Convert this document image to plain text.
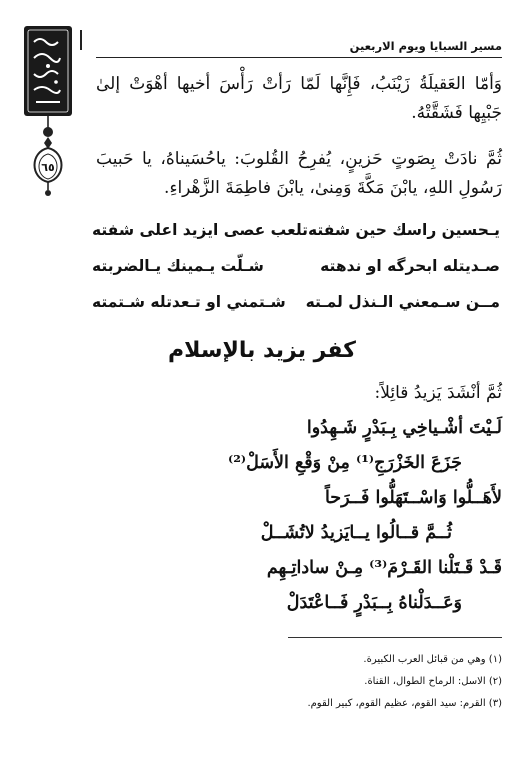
٦٥
مسير السبايا ويوم الاربعين
وَأمّا العَقيلَةُ زَيْنَبُ، فَإِنَّها لَمّا رَأتْ رَأْسَ أخيها أهْوَتْ إلىٰ جَبْيِها فَشَقَّتْهُ.
ثُمَّ نادَتْ بِصَوتٍ حَزينٍ، يُفرِحُ القُلوبَ: ياحُسَيناهُ، يا حَبيبَ رَسُولِ اللهِ، يابْنَ مَكَّةَ وَمِنىٰ، يابْنَ فاطِمَةَ الزَّهْراءِ.
يـحسين راسك حين شفته
تلعب عصى ايزيد اعلى شفته
صـديتله ابحرگه او ندهته
شـلّت يـمينك يـالضربته
مــن سـمعني الـنذل لمـته
شـتمني او تـعدتله شـتمته
كفر يزيد بالإسلام
ثُمَّ أنْشَدَ يَزيدُ قائِلاً:
لَـيْتَ أشْـياخِي بِـبَدْرٍ شَـهِدُوا
جَزَعَ الخَزْرَجِ⁽¹⁾ مِنْ وَقْعِ الأَسَلْ⁽²⁾
لأَهَــلُّوا وَاسْــتَهَلُّوا فَــرَحاً
ثُــمَّ قــالُوا يــايَزيدُ لاتُشَــلْ
قَـدْ قَـتَلْنا القَـرْمَ⁽³⁾ مِـنْ ساداتِـهِم
وَعَــدَلْناهُ بِــبَدْرٍ فَــاعْتَدَلْ
(١) وهي من قبائل العرب الكبيرة.
(٢) الاسل: الرماح الطوال، القناة.
(٣) القرم: سيد القوم، عظيم القوم، كبير القوم.
